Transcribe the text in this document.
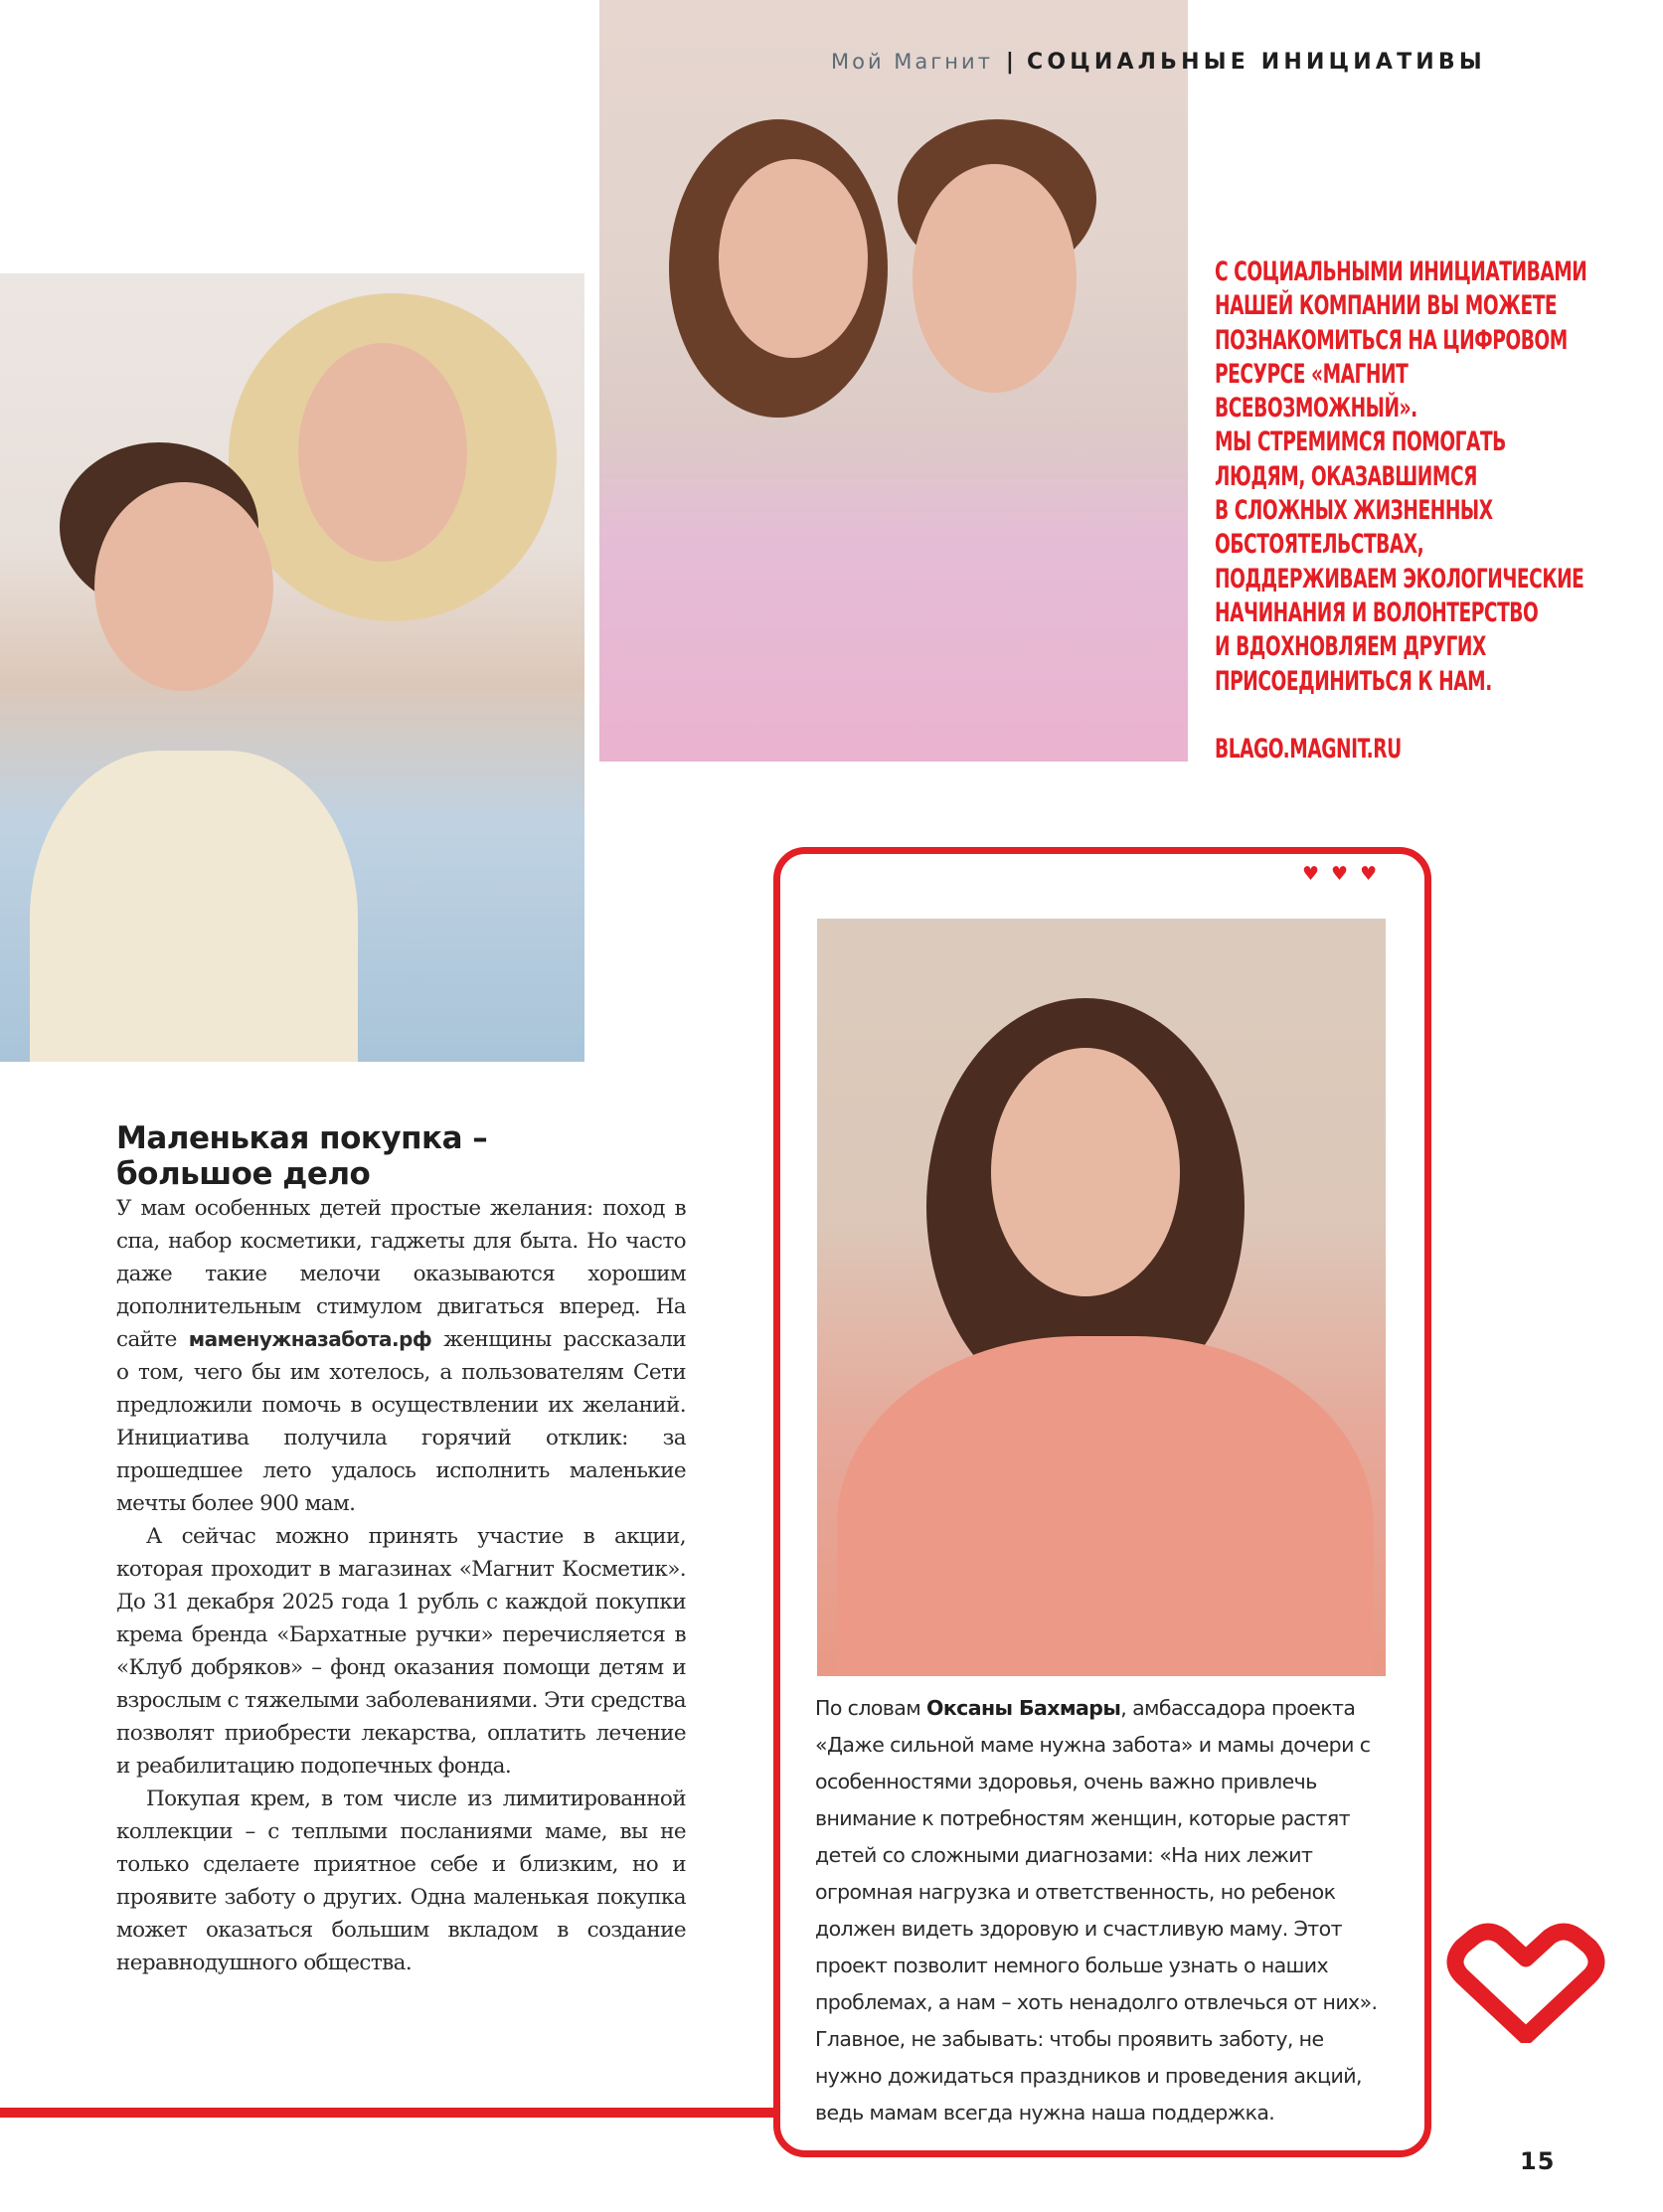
Мой Магнит | СОЦИАЛЬНЫЕ ИНИЦИАТИВЫ
С СОЦИАЛЬНЫМИ ИНИЦИАТИВАМИ
НАШЕЙ КОМПАНИИ ВЫ МОЖЕТЕ
ПОЗНАКОМИТЬСЯ НА ЦИФРОВОМ
РЕСУРСЕ «МАГНИТ
ВСЕВОЗМОЖНЫЙ».
МЫ СТРЕМИМСЯ ПОМОГАТЬ
ЛЮДЯМ, ОКАЗАВШИМСЯ
В СЛОЖНЫХ ЖИЗНЕННЫХ
ОБСТОЯТЕЛЬСТВАХ,
ПОДДЕРЖИВАЕМ ЭКОЛОГИЧЕСКИЕ
НАЧИНАНИЯ И ВОЛОНТЕРСТВО
И ВДОХНОВЛЯЕМ ДРУГИХ
ПРИСОЕДИНИТЬСЯ К НАМ.
BLAGO.MAGNIT.RU
Маленькая покупка –
большое дело

У мам особенных детей простые желания: поход в спа, набор косметики, гаджеты для быта. Но часто даже такие мелочи оказываются хорошим дополнительным стимулом двигаться вперед. На сайте маменужназабота.рф женщины рассказали о том, чего бы им хотелось, а пользователям Сети предложили помочь в осуществлении их желаний. Инициатива получила горячий отклик: за прошедшее лето удалось исполнить маленькие мечты более 900 мам.

А сейчас можно принять участие в акции, которая проходит в магазинах «Магнит Косметик». До 31 декабря 2025 года 1 рубль с каждой покупки крема бренда «Бархатные ручки» перечисляется в «Клуб добряков» – фонд оказания помощи детям и взрослым с тяжелыми заболеваниями. Эти средства позволят приобрести лекарства, оплатить лечение и реабилитацию подопечных фонда.

Покупая крем, в том числе из лимитированной коллекции – с теплыми посланиями маме, вы не только сделаете приятное себе и близким, но и проявите заботу о других. Одна маленькая покупка может оказаться большим вкладом в создание неравнодушного общества.

♥ ♥ ♥
По словам Оксаны Бахмары, амбассадора проекта «Даже сильной маме нужна забота» и мамы дочери с особенностями здоровья, очень важно привлечь внимание к потребностям женщин, которые растят детей со сложными диагнозами: «На них лежит огромная нагрузка и ответственность, но ребенок должен видеть здоровую и счастливую маму. Этот проект позволит немного больше узнать о наших проблемах, а нам – хоть ненадолго отвлечься от них». Главное, не забывать: чтобы проявить заботу, не нужно дожидаться праздников и проведения акций, ведь мамам всегда нужна наша поддержка.
15
